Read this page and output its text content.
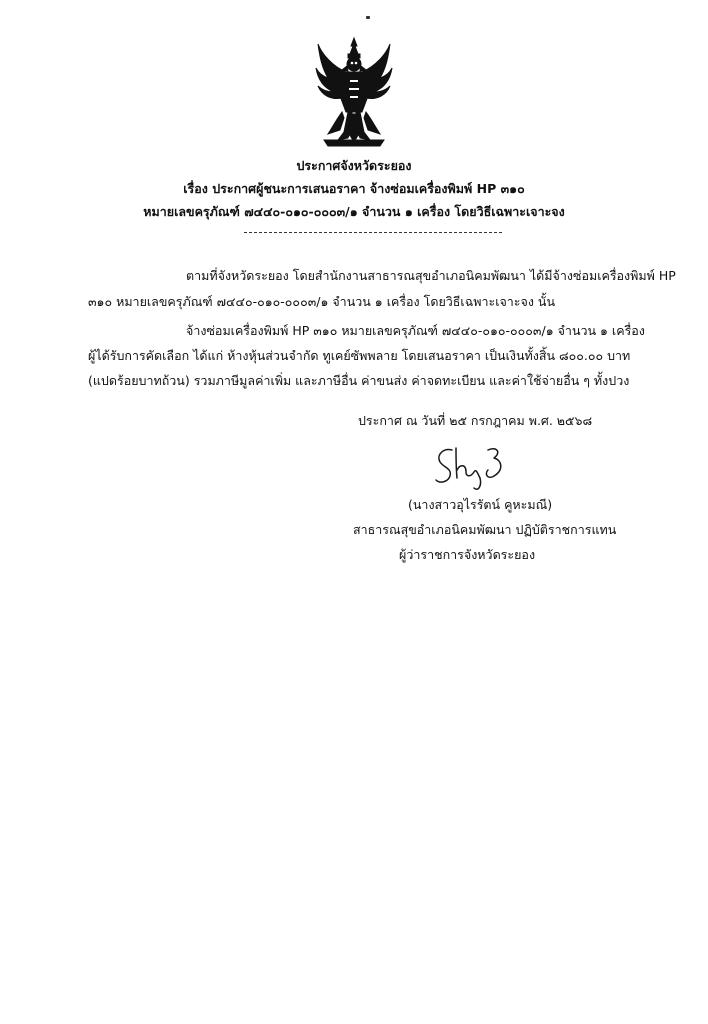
ประกาศจังหวัดระยอง
เรื่อง ประกาศผู้ชนะการเสนอราคา จ้างซ่อมเครื่องพิมพ์ HP ๓๑๐
หมายเลขครุภัณฑ์ ๗๔๔๐-๐๑๐-๐๐๐๓/๑ จำนวน ๑ เครื่อง โดยวิธีเฉพาะเจาะจง
ตามที่จังหวัดระยอง โดยสำนักงานสาธารณสุขอำเภอนิคมพัฒนา ได้มีจ้างซ่อมเครื่องพิมพ์ HP
๓๑๐ หมายเลขครุภัณฑ์ ๗๔๔๐-๐๑๐-๐๐๐๓/๑ จำนวน ๑ เครื่อง โดยวิธีเฉพาะเจาะจง นั้น
จ้างซ่อมเครื่องพิมพ์ HP ๓๑๐ หมายเลขครุภัณฑ์ ๗๔๔๐-๐๑๐-๐๐๐๓/๑ จำนวน ๑ เครื่อง
ผู้ได้รับการคัดเลือก ได้แก่ ห้างหุ้นส่วนจำกัด ทูเคย์ซัพพลาย โดยเสนอราคา เป็นเงินทั้งสิ้น ๘๐๐.๐๐ บาท
(แปดร้อยบาทถ้วน) รวมภาษีมูลค่าเพิ่ม และภาษีอื่น ค่าขนส่ง ค่าจดทะเบียน และค่าใช้จ่ายอื่น ๆ ทั้งปวง
ประกาศ ณ วันที่ ๒๕ กรกฎาคม พ.ศ. ๒๕๖๘
(นางสาวอุไรรัตน์ คูหะมณี)
สาธารณสุขอำเภอนิคมพัฒนา ปฏิบัติราชการแทน
ผู้ว่าราชการจังหวัดระยอง
